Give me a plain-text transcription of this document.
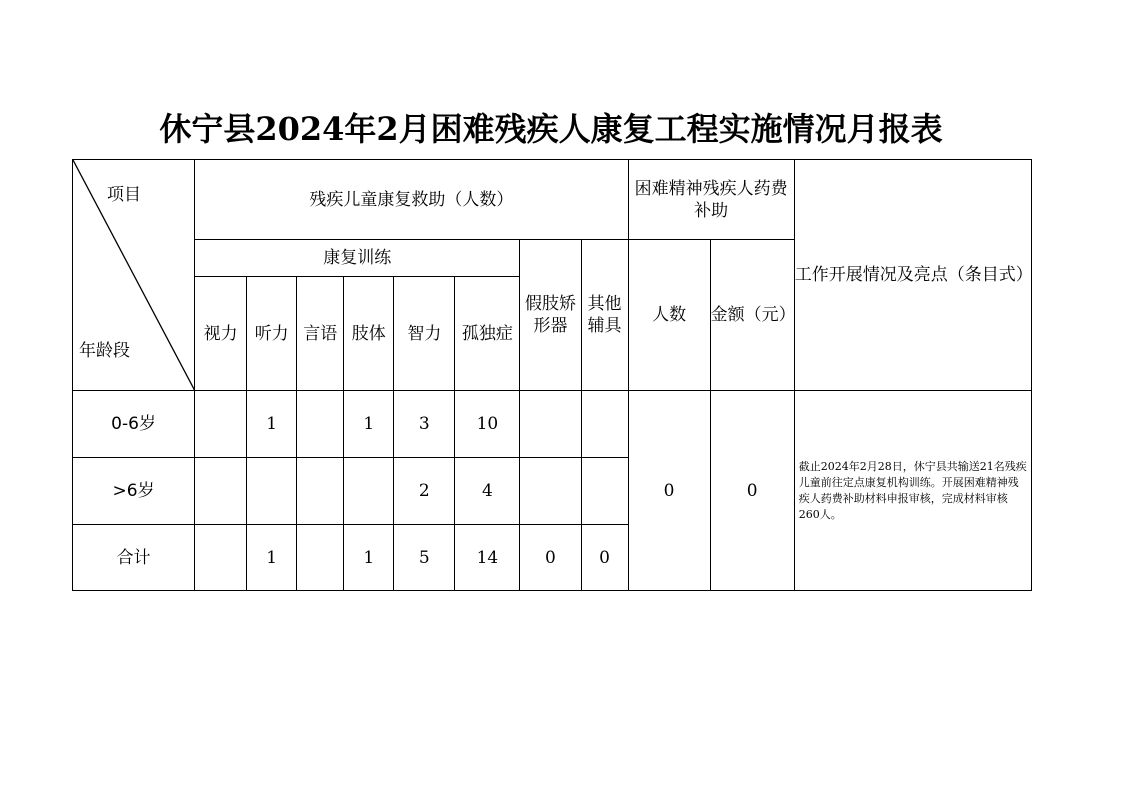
休宁县2024年2月困难残疾人康复工程实施情况月报表
项目
年龄段	残疾儿童康复救助（人数）								困难精神残疾人药费补助		工作开展情况及亮点（条目式）
	康复训练						假肢矫形器	其他辅具	人数	金额（元）	
	视力	听力	言语	肢体	智力	孤独症					
0-6岁		1		1	3	10			0	0	截止2024年2月28日，休宁县共输送21名残疾儿童前往定点康复机构训练。开展困难精神残疾人药费补助材料申报审核，完成材料审核260人。
>6岁					2	4					
合计		1		1	5	14	0	0			
